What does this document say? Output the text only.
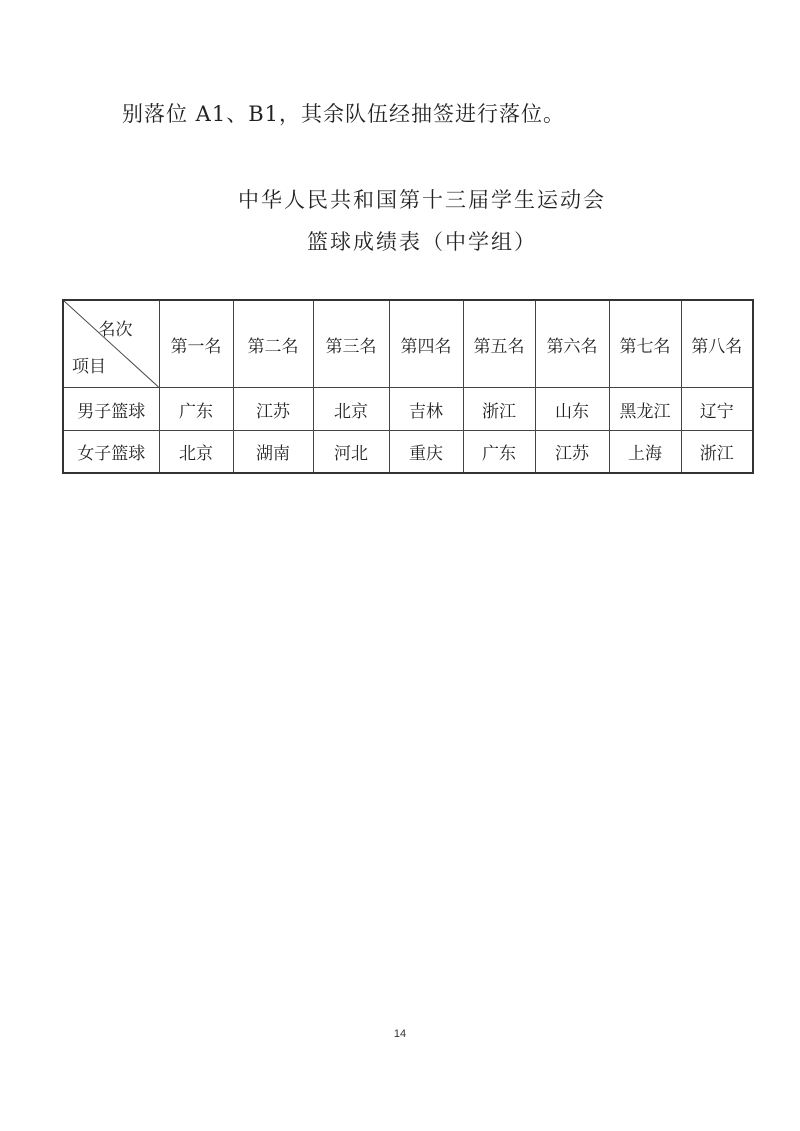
别落位 A1、B1，其余队伍经抽签进行落位。
中华人民共和国第十三届学生运动会
篮球成绩表（中学组）
名次
项目	第一名	第二名	第三名	第四名	第五名	第六名	第七名	第八名
男子篮球	广东	江苏	北京	吉林	浙江	山东	黑龙江	辽宁
女子篮球	北京	湖南	河北	重庆	广东	江苏	上海	浙江
14
